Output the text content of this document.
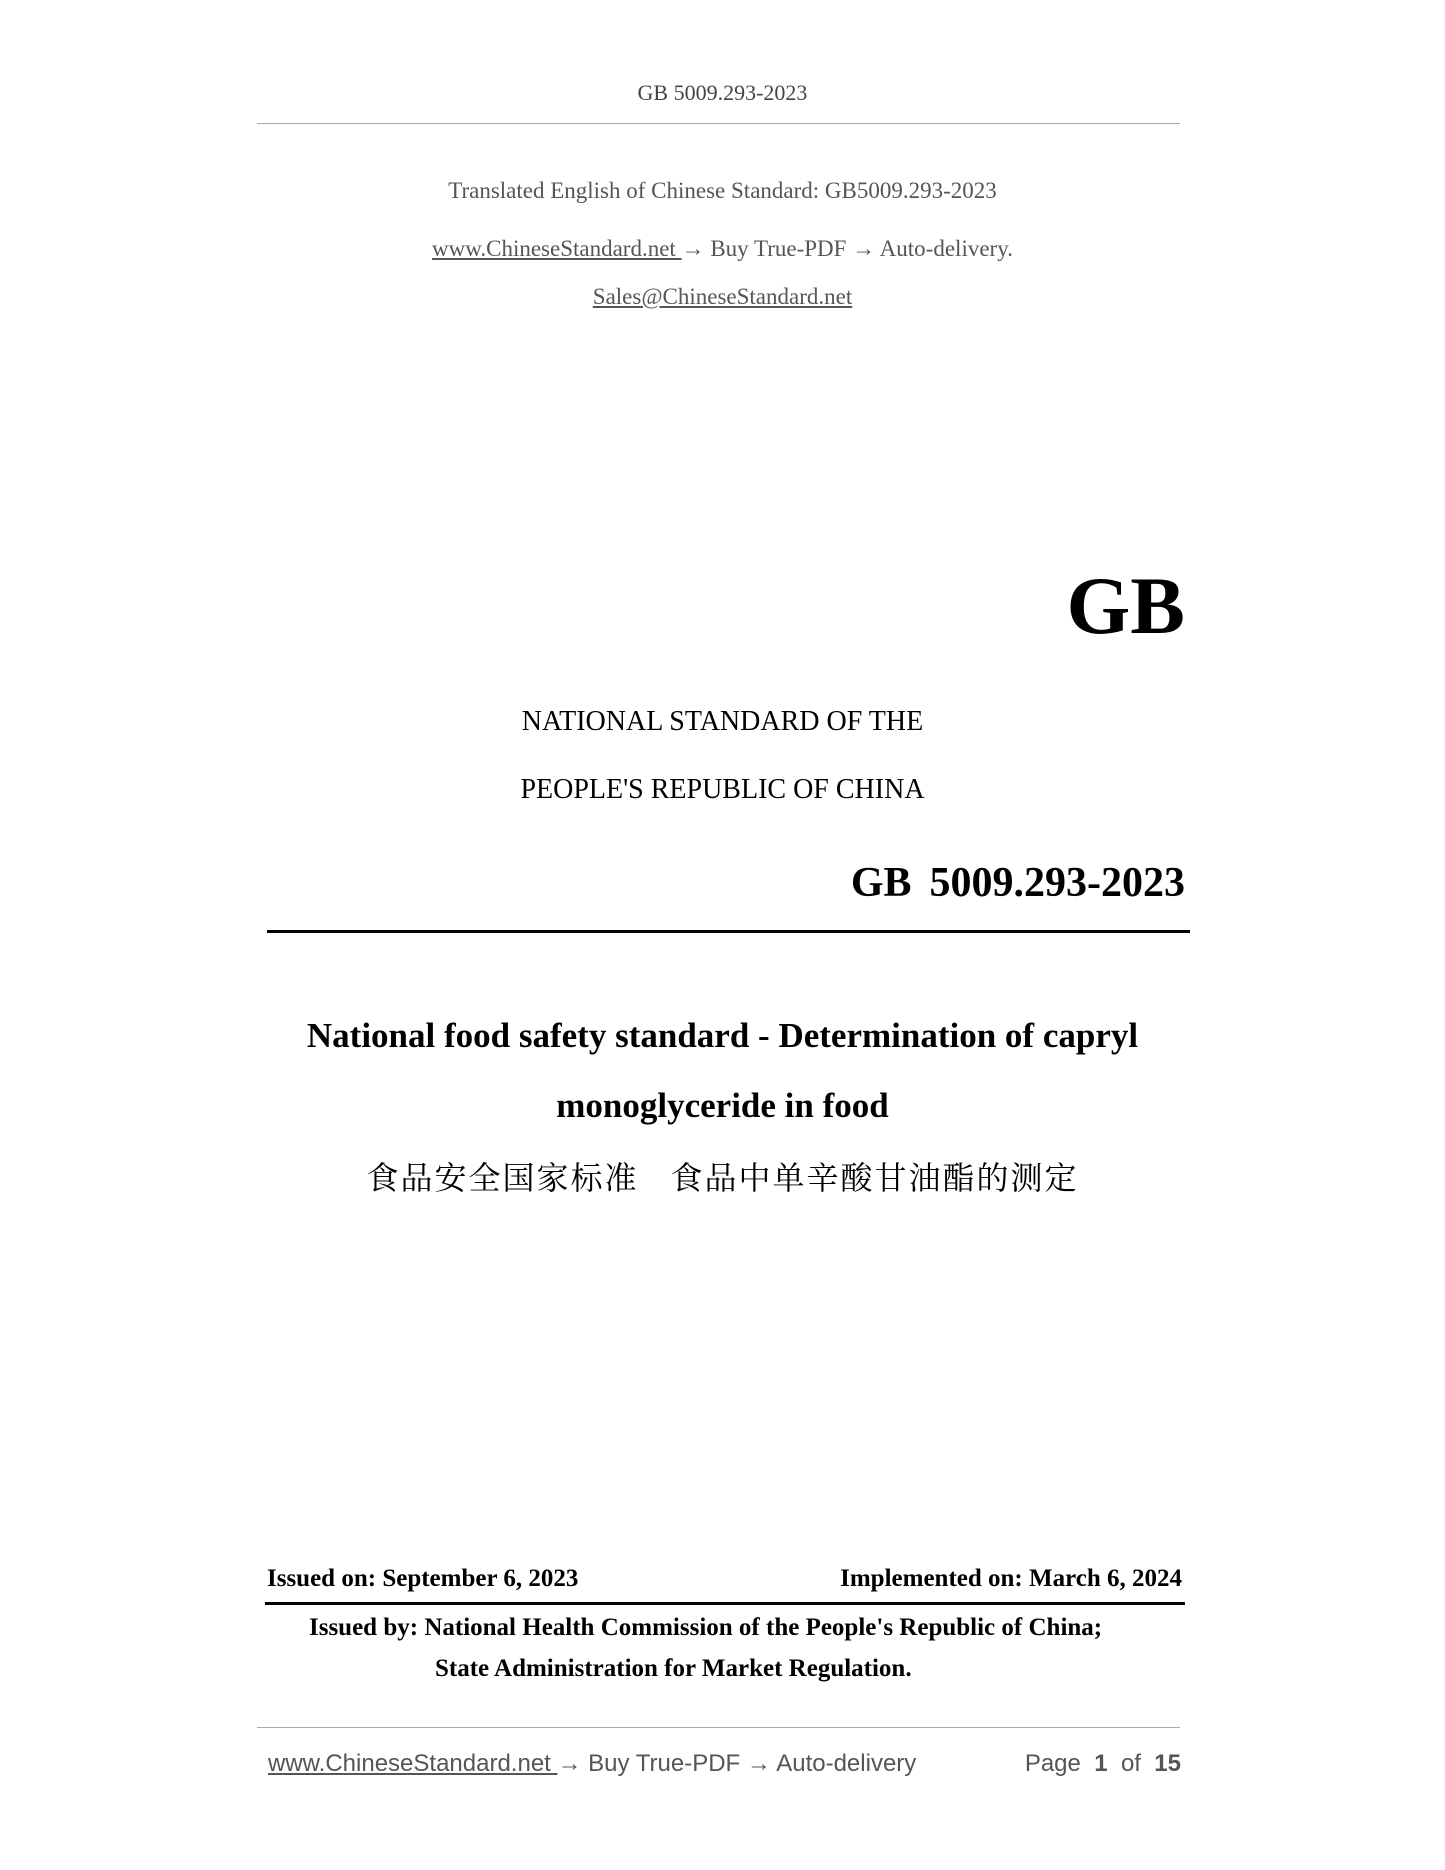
GB 5009.293-2023
Translated English of Chinese Standard: GB5009.293-2023
www.ChineseStandard.net → Buy True-PDF → Auto-delivery.
Sales@ChineseStandard.net
GB
NATIONAL STANDARD OF THE
PEOPLE'S REPUBLIC OF CHINA
GB 5009.293-2023
National food safety standard - Determination of capryl
monoglyceride in food
食品安全国家标准 食品中单辛酸甘油酯的测定
Issued on: September 6, 2023	Implemented on: March 6, 2024
Issued by: National Health Commission of the People's Republic of China;
State Administration for Market Regulation.
www.ChineseStandard.net → Buy True-PDF → Auto-delivery	Page 1 of 15
